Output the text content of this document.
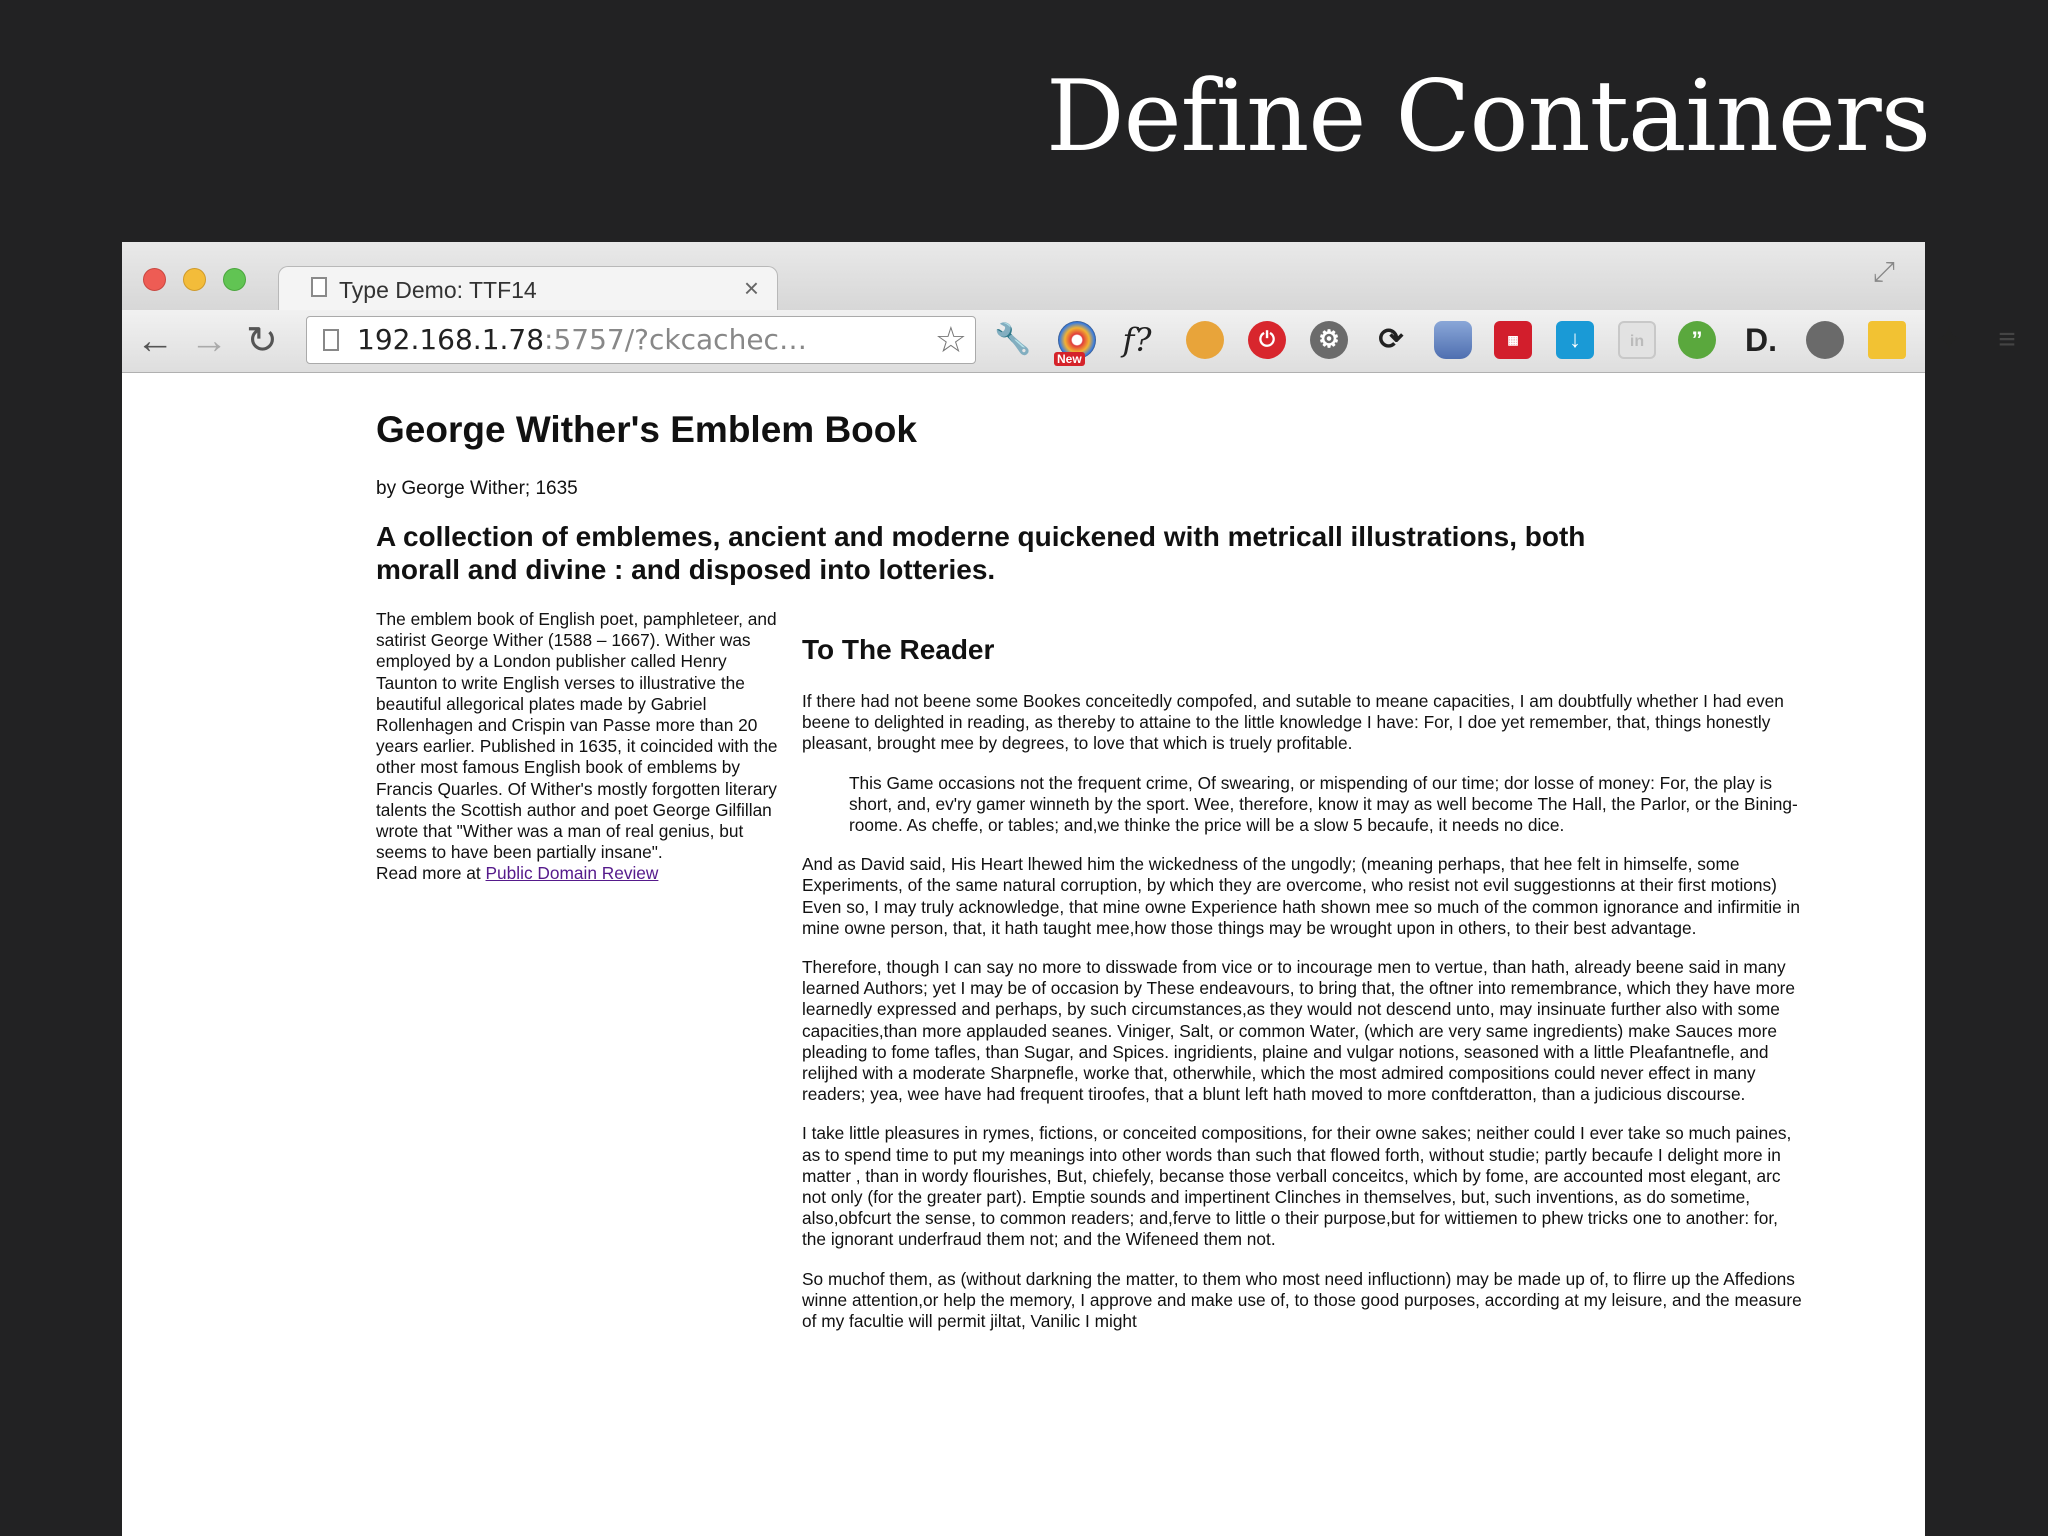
Define Containers
Type Demo: TTF14	×
⤢
← → ↻	192.168.1.78:5757/?ckcachec…	☆ 🔧
New f?	⏻	⚙ ⟳	▦	↓	in	”	D.	✦	≡
George Wither's Emblem Book
by George Wither; 1635
A collection of emblemes, ancient and moderne quickened with metricall illustrations, both morall and divine : and disposed into lotteries.
The emblem book of English poet, pamphleteer, and satirist George Wither (1588 – 1667). Wither was employed by a London publisher called Henry Taunton to write English verses to illustrative the beautiful allegorical plates made by Gabriel Rollenhagen and Crispin van Passe more than 20 years earlier. Published in 1635, it coincided with the other most famous English book of emblems by Francis Quarles. Of Wither's mostly forgotten literary talents the Scottish author and poet George Gilfillan wrote that "Wither was a man of real genius, but seems to have been partially insane".
Read more at Public Domain Review
To The Reader

If there had not beene some Bookes conceitedly compofed, and sutable to meane capacities, I am doubtfully whether I had even beene to delighted in reading, as thereby to attaine to the little knowledge I have: For, I doe yet remember, that, things honestly pleasant, brought mee by degrees, to love that which is truely profitable.

This Game occasions not the frequent crime, Of swearing, or mispending of our time; dor losse of money: For, the play is short, and, ev'ry gamer winneth by the sport. Wee, therefore, know it may as well become The Hall, the Parlor, or the Bining-roome. As cheffe, or tables; and,we thinke the price will be a slow 5 becaufe, it needs no dice.

And as David said, His Heart lhewed him the wickedness of the ungodly; (meaning perhaps, that hee felt in himselfe, some Experiments, of the same natural corruption, by which they are overcome, who resist not evil suggestionns at their first motions) Even so, I may truly acknowledge, that mine owne Experience hath shown mee so much of the common ignorance and infirmitie in mine owne person, that, it hath taught mee,how those things may be wrought upon in others, to their best advantage.

Therefore, though I can say no more to disswade from vice or to incourage men to vertue, than hath, already beene said in many learned Authors; yet I may be of occasion by These endeavours, to bring that, the oftner into remembrance, which they have more learnedly expressed and perhaps, by such circumstances,as they would not descend unto, may insinuate further also with some capacities,than more applauded seanes. Viniger, Salt, or common Water, (which are very same ingredients) make Sauces more pleading to fome tafles, than Sugar, and Spices. ingridients, plaine and vulgar notions, seasoned with a little Pleafantnefle, and relijhed with a moderate Sharpnefle, worke that, otherwhile, which the most admired compositions could never effect in many readers; yea, wee have had frequent tiroofes, that a blunt left hath moved to more conftderatton, than a judicious discourse.

I take little pleasures in rymes, fictions, or conceited compositions, for their owne sakes; neither could I ever take so much paines, as to spend time to put my meanings into other words than such that flowed forth, without studie; partly becaufe I delight more in matter , than in wordy flourishes, But, chiefely, becanse those verball conceitcs, which by fome, are accounted most elegant, arc not only (for the greater part). Emptie sounds and impertinent Clinches in themselves, but, such inventions, as do sometime, also,obfcurt the sense, to common readers; and,ferve to little o their purpose,but for wittiemen to phew tricks one to another: for, the ignorant underfraud them not; and the Wifeneed them not.

So muchof them, as (without darkning the matter, to them who most need influctionn) may be made up of, to flirre up the Affedions winne attention,or help the memory, I approve and make use of, to those good purposes, according at my leisure, and the measure of my facultie will permit jiltat, Vanilic I might
